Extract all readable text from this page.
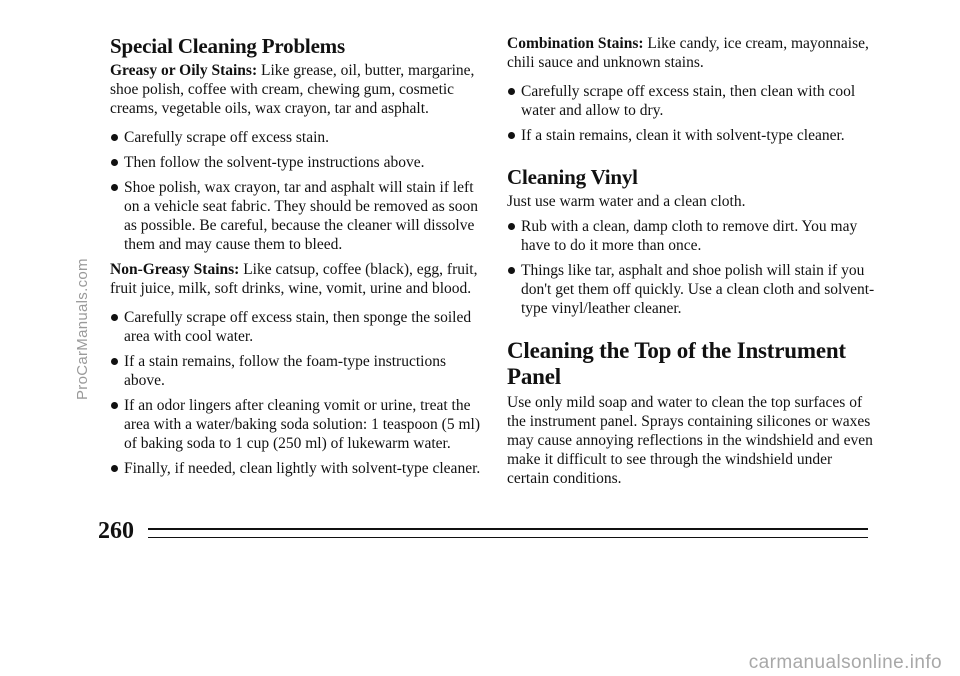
Special Cleaning Problems

Greasy or Oily Stains: Like grease, oil, butter, margarine, shoe polish, coffee with cream, chewing gum, cosmetic creams, vegetable oils, wax crayon, tar and asphalt.

Carefully scrape off excess stain.
Then follow the solvent-type instructions above.
Shoe polish, wax crayon, tar and asphalt will stain if left on a vehicle seat fabric. They should be removed as soon as possible. Be careful, because the cleaner will dissolve them and may cause them to bleed.

Non-Greasy Stains: Like catsup, coffee (black), egg, fruit, fruit juice, milk, soft drinks, wine, vomit, urine and blood.

Carefully scrape off excess stain, then sponge the soiled area with cool water.
If a stain remains, follow the foam-type instructions above.
If an odor lingers after cleaning vomit or urine, treat the area with a water/baking soda solution: 1 teaspoon (5 ml) of baking soda to 1 cup (250 ml) of lukewarm water.
Finally, if needed, clean lightly with solvent-type cleaner.

Combination Stains: Like candy, ice cream, mayonnaise, chili sauce and unknown stains.

Carefully scrape off excess stain, then clean with cool water and allow to dry.
If a stain remains, clean it with solvent-type cleaner.
Cleaning Vinyl

Just use warm water and a clean cloth.

Rub with a clean, damp cloth to remove dirt. You may have to do it more than once.
Things like tar, asphalt and shoe polish will stain if you don't get them off quickly. Use a clean cloth and solvent-type vinyl/leather cleaner.
Cleaning the Top of the Instrument Panel

Use only mild soap and water to clean the top surfaces of the instrument panel. Sprays containing silicones or waxes may cause annoying reflections in the windshield and even make it difficult to see through the windshield under certain conditions.

260
ProCarManuals.com
carmanualsonline.info
